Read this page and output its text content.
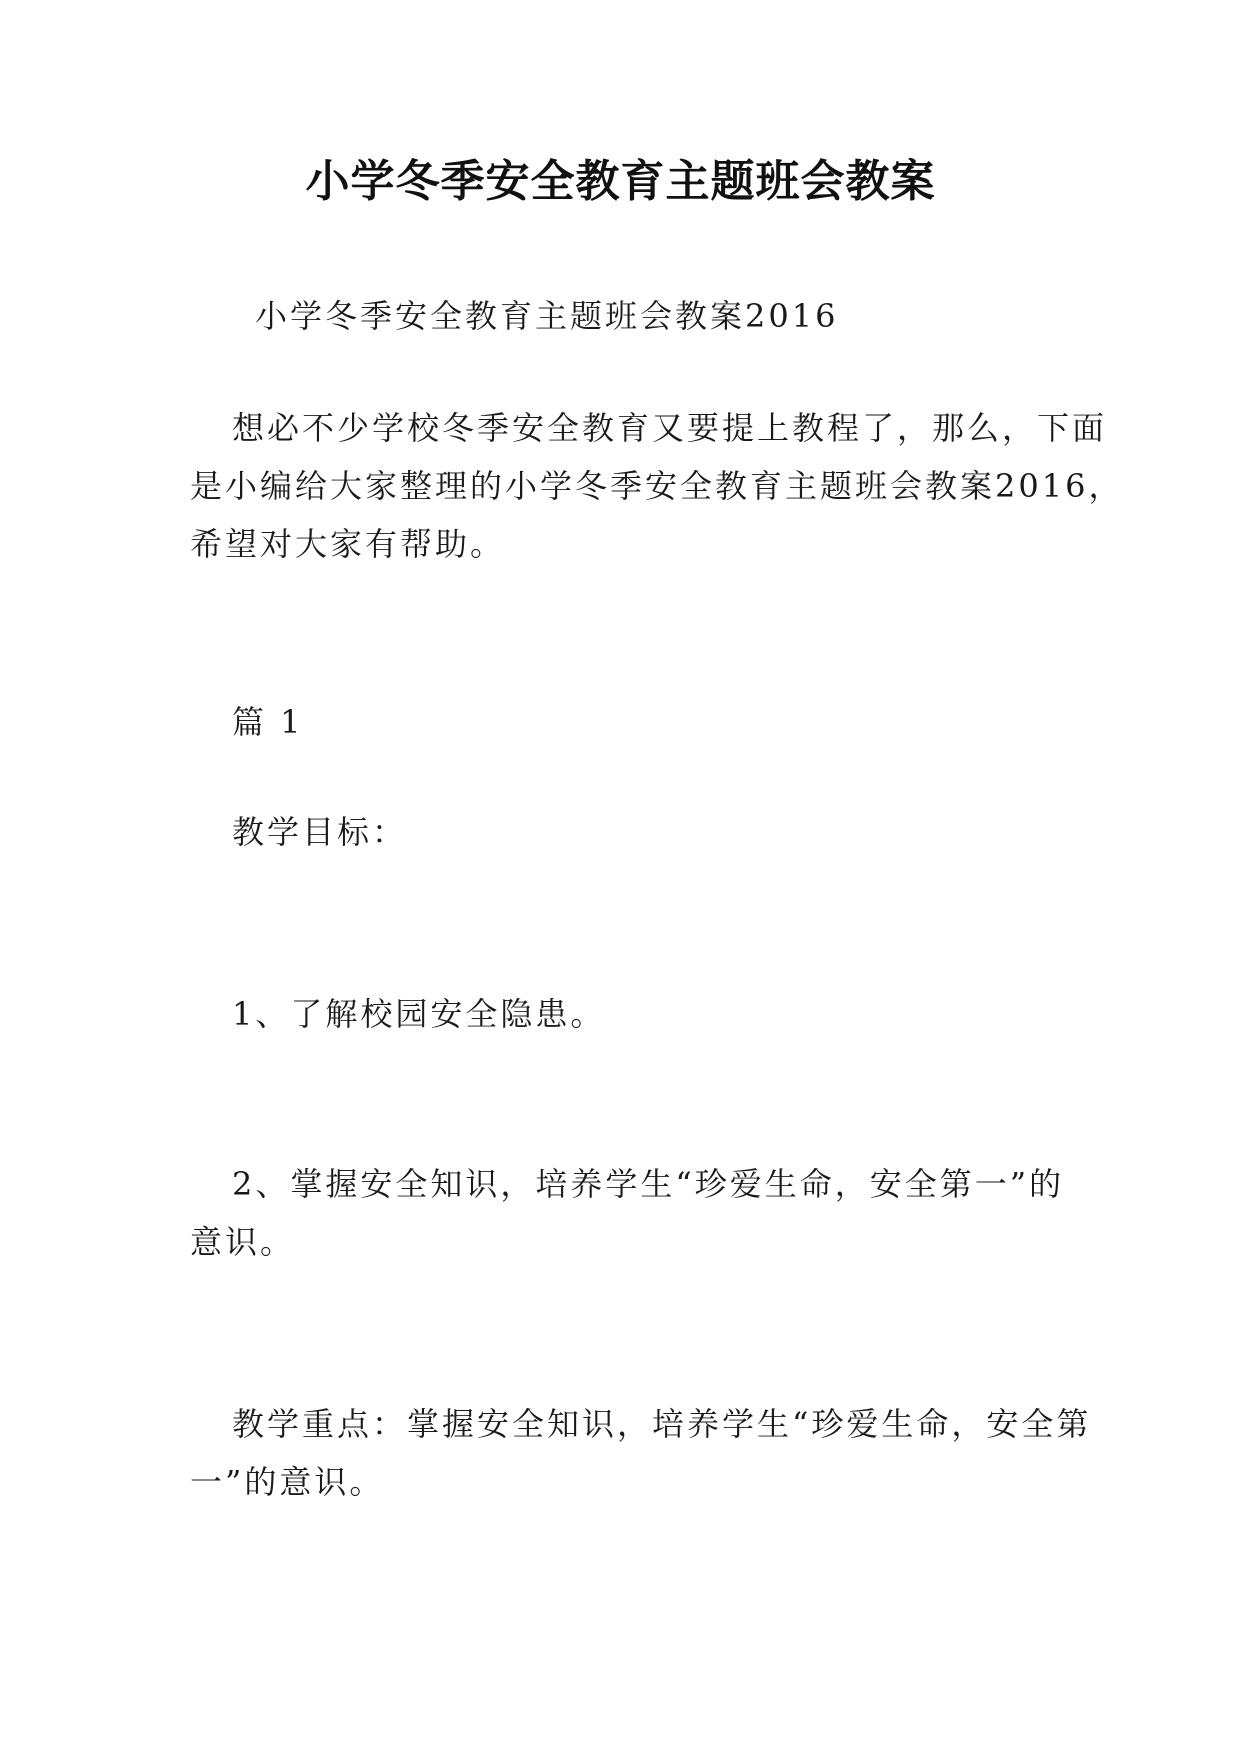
小学冬季安全教育主题班会教案
小学冬季安全教育主题班会教案2016
想必不少学校冬季安全教育又要提上教程了，那么，下面
是小编给大家整理的小学冬季安全教育主题班会教案2016，
希望对大家有帮助。
篇 1
教学目标：
1、了解校园安全隐患。
2、掌握安全知识，培养学生“珍爱生命，安全第一”的
意识。
教学重点：掌握安全知识，培养学生“珍爱生命，安全第
一”的意识。
